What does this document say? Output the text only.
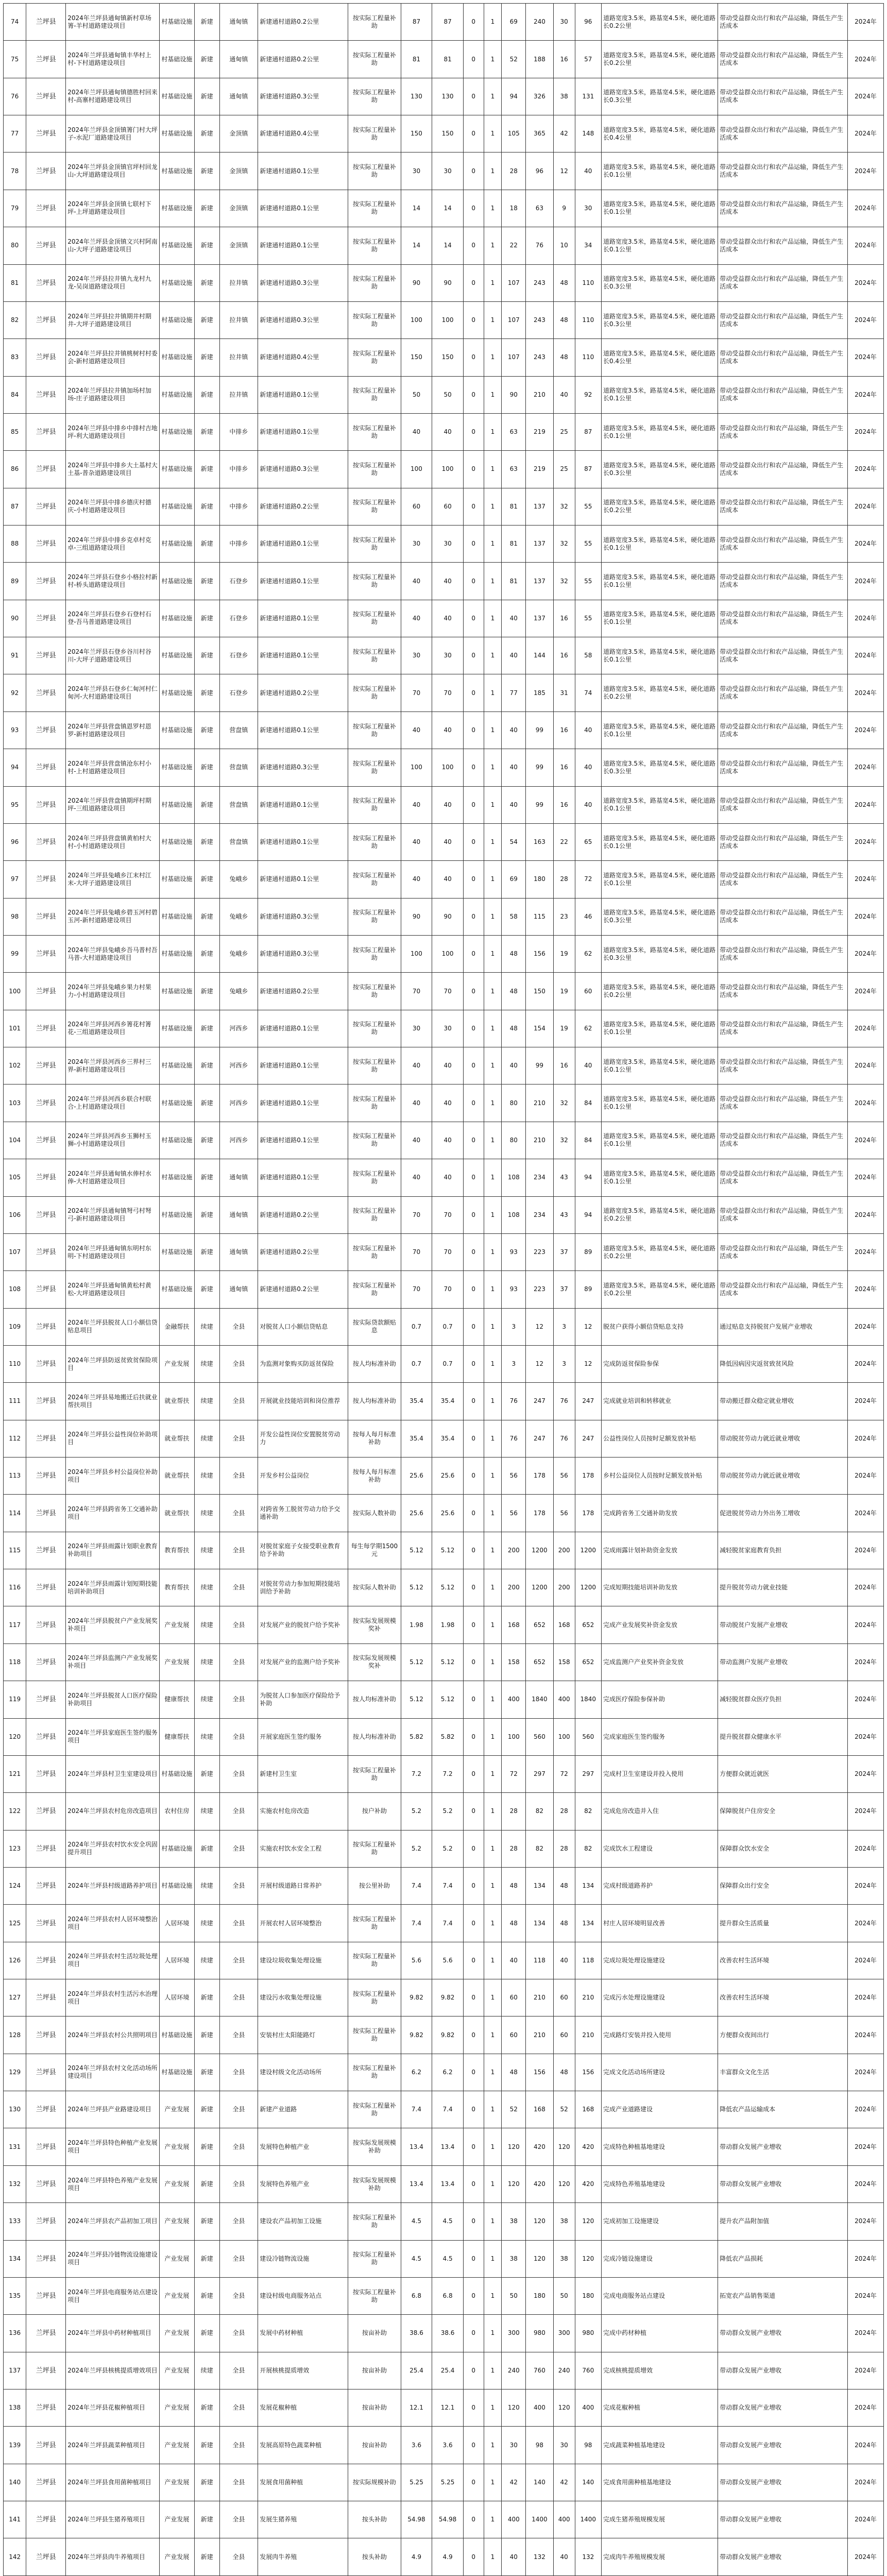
74	兰坪县	2024年兰坪县通甸镇新村草场箐-羊村道路建设项目	村基础设施	新建	通甸镇	新建通村道路0.2公里	按实际工程量补助	87	87	0	1	69	240	30	96	道路宽度3.5米，路基宽4.5米，硬化道路长0.2公里	带动受益群众出行和农产品运输，降低生产生活成本	2024年
75	兰坪县	2024年兰坪县通甸镇丰华村上村-下村道路建设项目	村基础设施	新建	通甸镇	新建通村道路0.2公里	按实际工程量补助	81	81	0	1	52	188	16	57	道路宽度3.5米，路基宽4.5米，硬化道路长0.2公里	带动受益群众出行和农产品运输，降低生产生活成本	2024年
76	兰坪县	2024年兰坪县通甸镇德胜村回来村-高寨村道路建设项目	村基础设施	新建	通甸镇	新建通村道路0.3公里	按实际工程量补助	130	130	0	1	94	326	38	131	道路宽度3.5米，路基宽4.5米，硬化道路长0.3公里	带动受益群众出行和农产品运输，降低生产生活成本	2024年
77	兰坪县	2024年兰坪县金顶镇箐门村大坪子-水泥厂道路建设项目	村基础设施	新建	金顶镇	新建通村道路0.4公里	按实际工程量补助	150	150	0	1	105	365	42	148	道路宽度3.5米，路基宽4.5米，硬化道路长0.4公里	带动受益群众出行和农产品运输，降低生产生活成本	2024年
78	兰坪县	2024年兰坪县金顶镇官坪村回龙山-大坪道路建设项目	村基础设施	新建	金顶镇	新建通村道路0.1公里	按实际工程量补助	30	30	0	1	28	96	12	40	道路宽度3.5米，路基宽4.5米，硬化道路长0.1公里	带动受益群众出行和农产品运输，降低生产生活成本	2024年
79	兰坪县	2024年兰坪县金顶镇七联村下坪-上坪道路建设项目	村基础设施	新建	金顶镇	新建通村道路0.1公里	按实际工程量补助	14	14	0	1	18	63	9	30	道路宽度3.5米，路基宽4.5米，硬化道路长0.1公里	带动受益群众出行和农产品运输，降低生产生活成本	2024年
80	兰坪县	2024年兰坪县金顶镇文兴村阿南山-大坪子道路建设项目	村基础设施	新建	金顶镇	新建通村道路0.1公里	按实际工程量补助	14	14	0	1	22	76	10	34	道路宽度3.5米，路基宽4.5米，硬化道路长0.1公里	带动受益群众出行和农产品运输，降低生产生活成本	2024年
81	兰坪县	2024年兰坪县拉井镇九龙村九龙-吴岗道路建设项目	村基础设施	新建	拉井镇	新建通村道路0.3公里	按实际工程量补助	90	90	0	1	107	243	48	110	道路宽度3.5米，路基宽4.5米，硬化道路长0.3公里	带动受益群众出行和农产品运输，降低生产生活成本	2024年
82	兰坪县	2024年兰坪县拉井镇期井村期井-大坪子道路建设项目	村基础设施	新建	拉井镇	新建通村道路0.3公里	按实际工程量补助	100	100	0	1	107	243	48	110	道路宽度3.5米，路基宽4.5米，硬化道路长0.3公里	带动受益群众出行和农产品运输，降低生产生活成本	2024年
83	兰坪县	2024年兰坪县拉井镇桃树村村委会-新村道路建设项目	村基础设施	新建	拉井镇	新建通村道路0.4公里	按实际工程量补助	150	150	0	1	107	243	48	110	道路宽度3.5米，路基宽4.5米，硬化道路长0.4公里	带动受益群众出行和农产品运输，降低生产生活成本	2024年
84	兰坪县	2024年兰坪县拉井镇加场村加场-庄子道路建设项目	村基础设施	新建	拉井镇	新建通村道路0.1公里	按实际工程量补助	50	50	0	1	90	210	40	92	道路宽度3.5米，路基宽4.5米，硬化道路长0.1公里	带动受益群众出行和农产品运输，降低生产生活成本	2024年
85	兰坪县	2024年兰坪县中排乡中排村吉地坪-利大道路建设项目	村基础设施	新建	中排乡	新建通村道路0.1公里	按实际工程量补助	40	40	0	1	63	219	25	87	道路宽度3.5米，路基宽4.5米，硬化道路长0.1公里	带动受益群众出行和农产品运输，降低生产生活成本	2024年
86	兰坪县	2024年兰坪县中排乡大土基村大土基-普杂道路建设项目	村基础设施	新建	中排乡	新建通村道路0.3公里	按实际工程量补助	100	100	0	1	63	219	25	87	道路宽度3.5米，路基宽4.5米，硬化道路长0.3公里	带动受益群众出行和农产品运输，降低生产生活成本	2024年
87	兰坪县	2024年兰坪县中排乡德庆村德庆-小村道路建设项目	村基础设施	新建	中排乡	新建通村道路0.2公里	按实际工程量补助	60	60	0	1	81	137	32	55	道路宽度3.5米，路基宽4.5米，硬化道路长0.2公里	带动受益群众出行和农产品运输，降低生产生活成本	2024年
88	兰坪县	2024年兰坪县中排乡克卓村克卓-三组道路建设项目	村基础设施	新建	中排乡	新建通村道路0.1公里	按实际工程量补助	30	30	0	1	81	137	32	55	道路宽度3.5米，路基宽4.5米，硬化道路长0.1公里	带动受益群众出行和农产品运输，降低生产生活成本	2024年
89	兰坪县	2024年兰坪县石登乡小格拉村新村-桥头道路建设项目	村基础设施	新建	石登乡	新建通村道路0.1公里	按实际工程量补助	40	40	0	1	81	137	32	55	道路宽度3.5米，路基宽4.5米，硬化道路长0.1公里	带动受益群众出行和农产品运输，降低生产生活成本	2024年
90	兰坪县	2024年兰坪县石登乡石登村石登-吾马普道路建设项目	村基础设施	新建	石登乡	新建通村道路0.1公里	按实际工程量补助	40	40	0	1	40	137	16	55	道路宽度3.5米，路基宽4.5米，硬化道路长0.1公里	带动受益群众出行和农产品运输，降低生产生活成本	2024年
91	兰坪县	2024年兰坪县石登乡谷川村谷川-大坪子道路建设项目	村基础设施	新建	石登乡	新建通村道路0.1公里	按实际工程量补助	30	30	0	1	40	144	16	58	道路宽度3.5米，路基宽4.5米，硬化道路长0.1公里	带动受益群众出行和农产品运输，降低生产生活成本	2024年
92	兰坪县	2024年兰坪县石登乡仁甸河村仁甸河-大村道路建设项目	村基础设施	新建	石登乡	新建通村道路0.2公里	按实际工程量补助	70	70	0	1	77	185	31	74	道路宽度3.5米，路基宽4.5米，硬化道路长0.2公里	带动受益群众出行和农产品运输，降低生产生活成本	2024年
93	兰坪县	2024年兰坪县营盘镇恩罗村恩罗-新村道路建设项目	村基础设施	新建	营盘镇	新建通村道路0.1公里	按实际工程量补助	40	40	0	1	40	99	16	40	道路宽度3.5米，路基宽4.5米，硬化道路长0.1公里	带动受益群众出行和农产品运输，降低生产生活成本	2024年
94	兰坪县	2024年兰坪县营盘镇沧东村小村-上村道路建设项目	村基础设施	新建	营盘镇	新建通村道路0.3公里	按实际工程量补助	100	100	0	1	40	99	16	40	道路宽度3.5米，路基宽4.5米，硬化道路长0.3公里	带动受益群众出行和农产品运输，降低生产生活成本	2024年
95	兰坪县	2024年兰坪县营盘镇期坪村期坪-三组道路建设项目	村基础设施	新建	营盘镇	新建通村道路0.1公里	按实际工程量补助	40	40	0	1	40	99	16	40	道路宽度3.5米，路基宽4.5米，硬化道路长0.1公里	带动受益群众出行和农产品运输，降低生产生活成本	2024年
96	兰坪县	2024年兰坪县营盘镇黄柏村大村-小村道路建设项目	村基础设施	新建	营盘镇	新建通村道路0.1公里	按实际工程量补助	40	40	0	1	54	163	22	65	道路宽度3.5米，路基宽4.5米，硬化道路长0.1公里	带动受益群众出行和农产品运输，降低生产生活成本	2024年
97	兰坪县	2024年兰坪县兔峨乡江末村江末-大坪子道路建设项目	村基础设施	新建	兔峨乡	新建通村道路0.1公里	按实际工程量补助	40	40	0	1	69	180	28	72	道路宽度3.5米，路基宽4.5米，硬化道路长0.1公里	带动受益群众出行和农产品运输，降低生产生活成本	2024年
98	兰坪县	2024年兰坪县兔峨乡碧玉河村碧玉河-新村道路建设项目	村基础设施	新建	兔峨乡	新建通村道路0.3公里	按实际工程量补助	90	90	0	1	58	115	23	46	道路宽度3.5米，路基宽4.5米，硬化道路长0.3公里	带动受益群众出行和农产品运输，降低生产生活成本	2024年
99	兰坪县	2024年兰坪县兔峨乡吾马普村吾马普-大村道路建设项目	村基础设施	新建	兔峨乡	新建通村道路0.3公里	按实际工程量补助	100	100	0	1	48	156	19	62	道路宽度3.5米，路基宽4.5米，硬化道路长0.3公里	带动受益群众出行和农产品运输，降低生产生活成本	2024年
100	兰坪县	2024年兰坪县兔峨乡果力村果力-小村道路建设项目	村基础设施	新建	兔峨乡	新建通村道路0.2公里	按实际工程量补助	70	70	0	1	48	150	19	60	道路宽度3.5米，路基宽4.5米，硬化道路长0.2公里	带动受益群众出行和农产品运输，降低生产生活成本	2024年
101	兰坪县	2024年兰坪县河西乡箐花村箐花-三组道路建设项目	村基础设施	新建	河西乡	新建通村道路0.1公里	按实际工程量补助	30	30	0	1	48	154	19	62	道路宽度3.5米，路基宽4.5米，硬化道路长0.1公里	带动受益群众出行和农产品运输，降低生产生活成本	2024年
102	兰坪县	2024年兰坪县河西乡三界村三界-新村道路建设项目	村基础设施	新建	河西乡	新建通村道路0.1公里	按实际工程量补助	40	40	0	1	40	99	16	40	道路宽度3.5米，路基宽4.5米，硬化道路长0.1公里	带动受益群众出行和农产品运输，降低生产生活成本	2024年
103	兰坪县	2024年兰坪县河西乡联合村联合-上村道路建设项目	村基础设施	新建	河西乡	新建通村道路0.1公里	按实际工程量补助	40	40	0	1	80	210	32	84	道路宽度3.5米，路基宽4.5米，硬化道路长0.1公里	带动受益群众出行和农产品运输，降低生产生活成本	2024年
104	兰坪县	2024年兰坪县河西乡玉狮村玉狮-小村道路建设项目	村基础设施	新建	河西乡	新建通村道路0.1公里	按实际工程量补助	40	40	0	1	80	210	32	84	道路宽度3.5米，路基宽4.5米，硬化道路长0.1公里	带动受益群众出行和农产品运输，降低生产生活成本	2024年
105	兰坪县	2024年兰坪县通甸镇水俸村水俸-大村道路建设项目	村基础设施	新建	通甸镇	新建通村道路0.1公里	按实际工程量补助	40	40	0	1	108	234	43	94	道路宽度3.5米，路基宽4.5米，硬化道路长0.1公里	带动受益群众出行和农产品运输，降低生产生活成本	2024年
106	兰坪县	2024年兰坪县通甸镇弩弓村弩弓-新村道路建设项目	村基础设施	新建	通甸镇	新建通村道路0.2公里	按实际工程量补助	70	70	0	1	108	234	43	94	道路宽度3.5米，路基宽4.5米，硬化道路长0.2公里	带动受益群众出行和农产品运输，降低生产生活成本	2024年
107	兰坪县	2024年兰坪县通甸镇东明村东明-下村道路建设项目	村基础设施	新建	通甸镇	新建通村道路0.2公里	按实际工程量补助	70	70	0	1	93	223	37	89	道路宽度3.5米，路基宽4.5米，硬化道路长0.2公里	带动受益群众出行和农产品运输，降低生产生活成本	2024年
108	兰坪县	2024年兰坪县通甸镇黄松村黄松-大坪道路建设项目	村基础设施	新建	通甸镇	新建通村道路0.2公里	按实际工程量补助	70	70	0	1	93	223	37	89	道路宽度3.5米，路基宽4.5米，硬化道路长0.2公里	带动受益群众出行和农产品运输，降低生产生活成本	2024年
109	兰坪县	2024年兰坪县脱贫人口小额信贷贴息项目	金融帮扶	续建	全县	对脱贫人口小额信贷贴息	按实际贷款额贴息	0.7	0.7	0	1	3	12	3	12	脱贫户获得小额信贷贴息支持	通过贴息支持脱贫户发展产业增收	2024年
110	兰坪县	2024年兰坪县防返贫致贫保险项目	产业发展	续建	全县	为监测对象购买防返贫保险	按人均标准补助	0.7	0.7	0	1	3	12	3	12	完成防返贫保险参保	降低因病因灾返贫致贫风险	2024年
111	兰坪县	2024年兰坪县易地搬迁后扶就业帮扶项目	就业帮扶	续建	全县	开展就业技能培训和岗位推荐	按人均标准补助	35.4	35.4	0	1	76	247	76	247	完成就业培训和转移就业	带动搬迁群众稳定就业增收	2024年
112	兰坪县	2024年兰坪县公益性岗位补助项目	就业帮扶	续建	全县	开发公益性岗位安置脱贫劳动力	按每人每月标准补助	35.4	35.4	0	1	76	247	76	247	公益性岗位人员按时足额发放补贴	带动脱贫劳动力就近就业增收	2024年
113	兰坪县	2024年兰坪县乡村公益岗位补助项目	就业帮扶	续建	全县	开发乡村公益岗位	按每人每月标准补助	25.6	25.6	0	1	56	178	56	178	乡村公益岗位人员按时足额发放补贴	带动脱贫劳动力就近就业增收	2024年
114	兰坪县	2024年兰坪县跨省务工交通补助项目	就业帮扶	续建	全县	对跨省务工脱贫劳动力给予交通补助	按实际人数补助	25.6	25.6	0	1	56	178	56	178	完成跨省务工交通补助发放	促进脱贫劳动力外出务工增收	2024年
115	兰坪县	2024年兰坪县雨露计划职业教育补助项目	教育帮扶	续建	全县	对脱贫家庭子女接受职业教育给予补助	每生每学期1500元	5.12	5.12	0	1	200	1200	200	1200	完成雨露计划补助资金发放	减轻脱贫家庭教育负担	2024年
116	兰坪县	2024年兰坪县雨露计划短期技能培训补助项目	教育帮扶	续建	全县	对脱贫劳动力参加短期技能培训给予补助	按实际人数补助	5.12	5.12	0	1	200	1200	200	1200	完成短期技能培训补助发放	提升脱贫劳动力就业技能	2024年
117	兰坪县	2024年兰坪县脱贫户产业发展奖补项目	产业发展	续建	全县	对发展产业的脱贫户给予奖补	按实际发展规模奖补	1.98	1.98	0	1	168	652	168	652	完成产业发展奖补资金发放	带动脱贫户发展产业增收	2024年
118	兰坪县	2024年兰坪县监测户产业发展奖补项目	产业发展	续建	全县	对发展产业的监测户给予奖补	按实际发展规模奖补	5.12	5.12	0	1	158	652	158	652	完成监测户产业奖补资金发放	带动监测户发展产业增收	2024年
119	兰坪县	2024年兰坪县脱贫人口医疗保险补助项目	健康帮扶	续建	全县	为脱贫人口参加医疗保险给予补助	按人均标准补助	5.12	5.12	0	1	400	1840	400	1840	完成医疗保险参保补助	减轻脱贫群众医疗负担	2024年
120	兰坪县	2024年兰坪县家庭医生签约服务项目	健康帮扶	续建	全县	开展家庭医生签约服务	按人均标准补助	5.82	5.82	0	1	100	560	100	560	完成家庭医生签约服务	提升脱贫群众健康水平	2024年
121	兰坪县	2024年兰坪县村卫生室建设项目	村基础设施	新建	全县	新建村卫生室	按实际工程量补助	7.2	7.2	0	1	72	297	72	297	完成村卫生室建设并投入使用	方便群众就近就医	2024年
122	兰坪县	2024年兰坪县农村危房改造项目	农村住房	续建	全县	实施农村危房改造	按户补助	5.2	5.2	0	1	28	82	28	82	完成危房改造并入住	保障脱贫户住房安全	2024年
123	兰坪县	2024年兰坪县农村饮水安全巩固提升项目	村基础设施	新建	全县	实施农村饮水安全工程	按实际工程量补助	5.2	5.2	0	1	28	82	28	82	完成饮水工程建设	保障群众饮水安全	2024年
124	兰坪县	2024年兰坪县村级道路养护项目	村基础设施	续建	全县	开展村级道路日常养护	按公里补助	7.4	7.4	0	1	48	134	48	134	完成村级道路养护	保障群众出行安全	2024年
125	兰坪县	2024年兰坪县农村人居环境整治项目	人居环境	续建	全县	开展农村人居环境整治	按实际工程量补助	7.4	7.4	0	1	48	134	48	134	村庄人居环境明显改善	提升群众生活质量	2024年
126	兰坪县	2024年兰坪县农村生活垃圾处理项目	人居环境	续建	全县	建设垃圾收集处理设施	按实际工程量补助	5.6	5.6	0	1	40	118	40	118	完成垃圾处理设施建设	改善农村生活环境	2024年
127	兰坪县	2024年兰坪县农村生活污水治理项目	人居环境	新建	全县	建设污水收集处理设施	按实际工程量补助	9.82	9.82	0	1	60	210	60	210	完成污水处理设施建设	改善农村生活环境	2024年
128	兰坪县	2024年兰坪县农村公共照明项目	村基础设施	新建	全县	安装村庄太阳能路灯	按实际工程量补助	9.82	9.82	0	1	60	210	60	210	完成路灯安装并投入使用	方便群众夜间出行	2024年
129	兰坪县	2024年兰坪县农村文化活动场所建设项目	村基础设施	新建	全县	建设村级文化活动场所	按实际工程量补助	6.2	6.2	0	1	48	156	48	156	完成文化活动场所建设	丰富群众文化生活	2024年
130	兰坪县	2024年兰坪县产业路建设项目	产业发展	新建	全县	新建产业道路	按实际工程量补助	7.4	7.4	0	1	52	168	52	168	完成产业道路建设	降低农产品运输成本	2024年
131	兰坪县	2024年兰坪县特色种植产业发展项目	产业发展	新建	全县	发展特色种植产业	按实际发展规模补助	13.4	13.4	0	1	120	420	120	420	完成特色种植基地建设	带动群众发展产业增收	2024年
132	兰坪县	2024年兰坪县特色养殖产业发展项目	产业发展	新建	全县	发展特色养殖产业	按实际发展规模补助	13.4	13.4	0	1	120	420	120	420	完成特色养殖基地建设	带动群众发展产业增收	2024年
133	兰坪县	2024年兰坪县农产品初加工项目	产业发展	新建	全县	建设农产品初加工设施	按实际工程量补助	4.5	4.5	0	1	38	120	38	120	完成初加工设施建设	提升农产品附加值	2024年
134	兰坪县	2024年兰坪县冷链物流设施建设项目	产业发展	新建	全县	建设冷链物流设施	按实际工程量补助	4.5	4.5	0	1	38	120	38	120	完成冷链设施建设	降低农产品损耗	2024年
135	兰坪县	2024年兰坪县电商服务站点建设项目	产业发展	新建	全县	建设村级电商服务站点	按实际工程量补助	6.8	6.8	0	1	50	180	50	180	完成电商服务站点建设	拓宽农产品销售渠道	2024年
136	兰坪县	2024年兰坪县中药材种植项目	产业发展	新建	全县	发展中药材种植	按亩补助	38.6	38.6	0	1	300	980	300	980	完成中药材种植	带动群众发展产业增收	2024年
137	兰坪县	2024年兰坪县核桃提质增效项目	产业发展	续建	全县	开展核桃提质增效	按亩补助	25.4	25.4	0	1	240	760	240	760	完成核桃提质增效	带动群众发展产业增收	2024年
138	兰坪县	2024年兰坪县花椒种植项目	产业发展	新建	全县	发展花椒种植	按亩补助	12.1	12.1	0	1	120	400	120	400	完成花椒种植	带动群众发展产业增收	2024年
139	兰坪县	2024年兰坪县蔬菜种植项目	产业发展	新建	全县	发展高原特色蔬菜种植	按亩补助	3.6	3.6	0	1	30	98	30	98	完成蔬菜种植基地建设	带动群众发展产业增收	2024年
140	兰坪县	2024年兰坪县食用菌种植项目	产业发展	新建	全县	发展食用菌种植	按实际规模补助	5.25	5.25	0	1	42	140	42	140	完成食用菌种植基地建设	带动群众发展产业增收	2024年
141	兰坪县	2024年兰坪县生猪养殖项目	产业发展	新建	全县	发展生猪养殖	按头补助	54.98	54.98	0	1	400	1400	400	1400	完成生猪养殖规模发展	带动群众发展产业增收	2024年
142	兰坪县	2024年兰坪县肉牛养殖项目	产业发展	新建	全县	发展肉牛养殖	按头补助	4.9	4.9	0	1	40	132	40	132	完成肉牛养殖规模发展	带动群众发展产业增收	2024年
